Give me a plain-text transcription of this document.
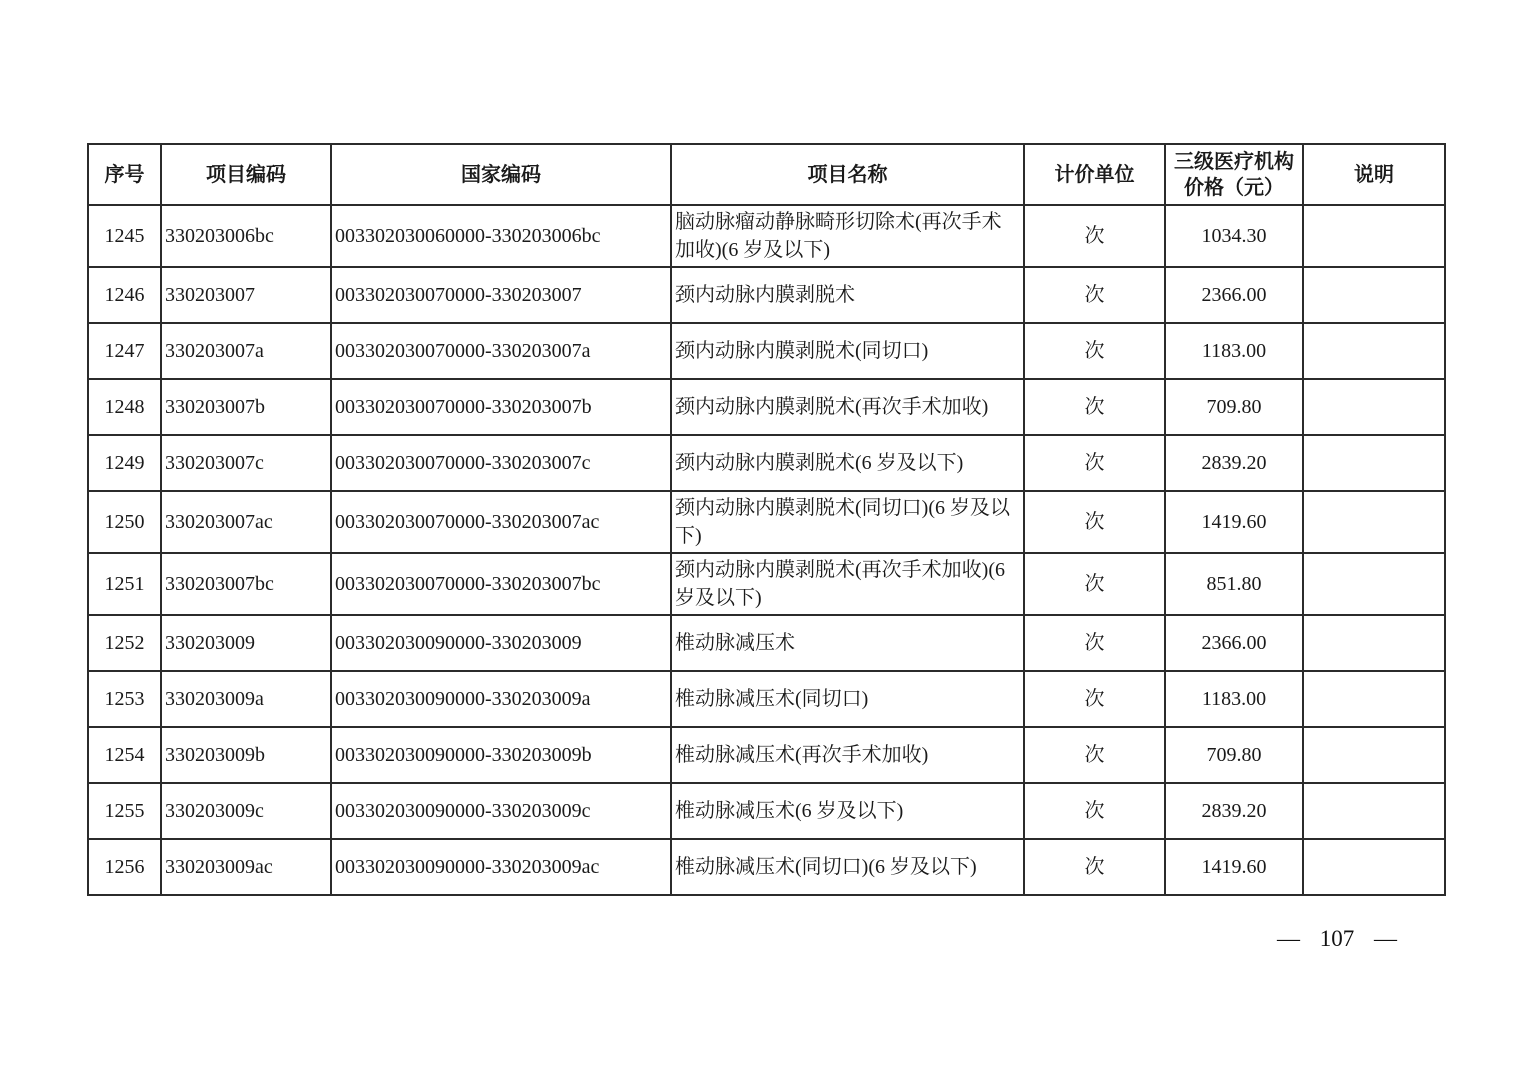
序号	项目编码	国家编码	项目名称	计价单位	三级医疗机构价格（元）	说明
1245	330203006bc	003302030060000-330203006bc	脑动脉瘤动静脉畸形切除术(再次手术加收)(6 岁及以下)	次	1034.30	
1246	330203007	003302030070000-330203007	颈内动脉内膜剥脱术	次	2366.00	
1247	330203007a	003302030070000-330203007a	颈内动脉内膜剥脱术(同切口)	次	1183.00	
1248	330203007b	003302030070000-330203007b	颈内动脉内膜剥脱术(再次手术加收)	次	709.80	
1249	330203007c	003302030070000-330203007c	颈内动脉内膜剥脱术(6 岁及以下)	次	2839.20	
1250	330203007ac	003302030070000-330203007ac	颈内动脉内膜剥脱术(同切口)(6 岁及以下)	次	1419.60	
1251	330203007bc	003302030070000-330203007bc	颈内动脉内膜剥脱术(再次手术加收)(6 岁及以下)	次	851.80	
1252	330203009	003302030090000-330203009	椎动脉减压术	次	2366.00	
1253	330203009a	003302030090000-330203009a	椎动脉减压术(同切口)	次	1183.00	
1254	330203009b	003302030090000-330203009b	椎动脉减压术(再次手术加收)	次	709.80	
1255	330203009c	003302030090000-330203009c	椎动脉减压术(6 岁及以下)	次	2839.20	
1256	330203009ac	003302030090000-330203009ac	椎动脉减压术(同切口)(6 岁及以下)	次	1419.60	
— 107 —
